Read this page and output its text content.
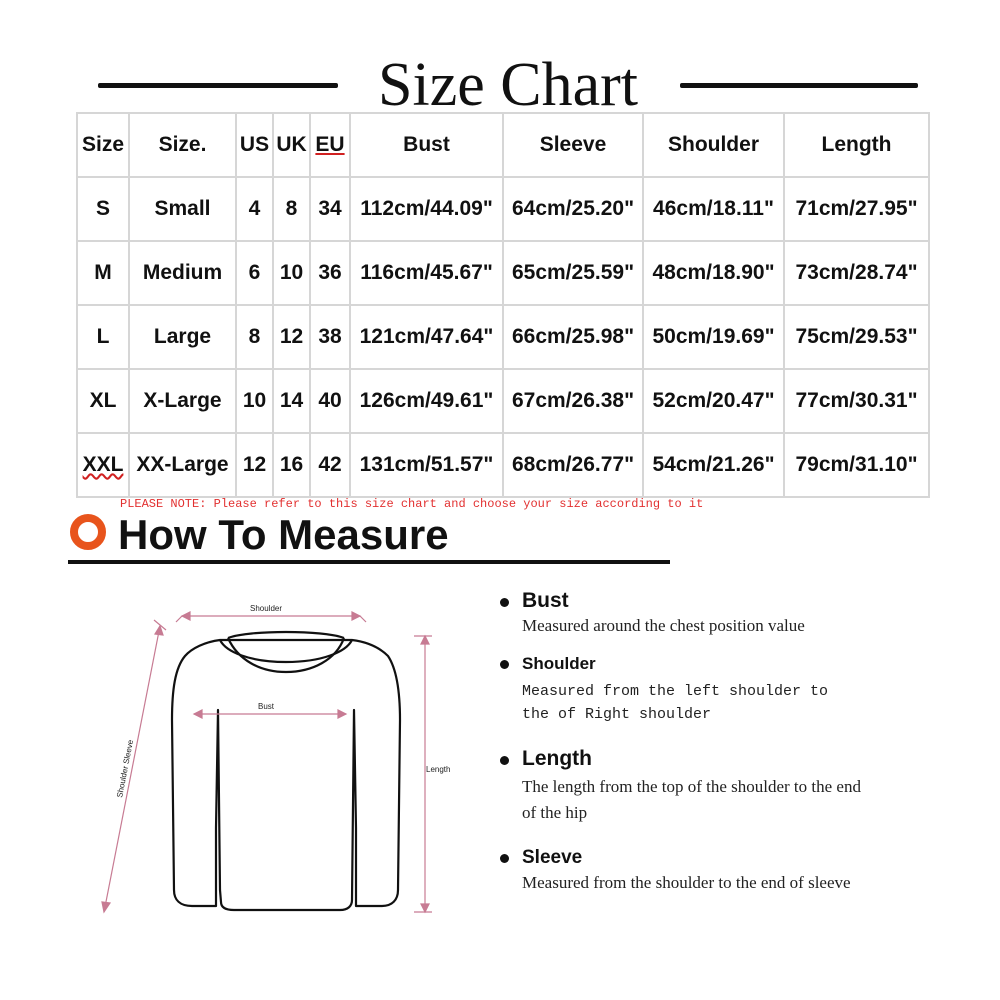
Size Chart
Size	Size.	US	UK	EU	Bust	Sleeve	Shoulder	Length
S	Small	4	8	34	112cm/44.09"	64cm/25.20"	46cm/18.11"	71cm/27.95"
M	Medium	6	10	36	116cm/45.67"	65cm/25.59"	48cm/18.90"	73cm/28.74"
L	Large	8	12	38	121cm/47.64"	66cm/25.98"	50cm/19.69"	75cm/29.53"
XL	X-Large	10	14	40	126cm/49.61"	67cm/26.38"	52cm/20.47"	77cm/30.31"
XXL	XX-Large	12	16	42	131cm/51.57"	68cm/26.77"	54cm/21.26"	79cm/31.10"
PLEASE NOTE: Please refer to this size chart and choose your size according to it
How To Measure
Shoulder
Bust
Length
Shoulder Sleeve
Bust
Measured around the chest position value
Shoulder
Measured from the left shoulder to the of Right shoulder
Length
The length from the top of the shoulder to the end of the hip
Sleeve
Measured from the shoulder to the end of sleeve
